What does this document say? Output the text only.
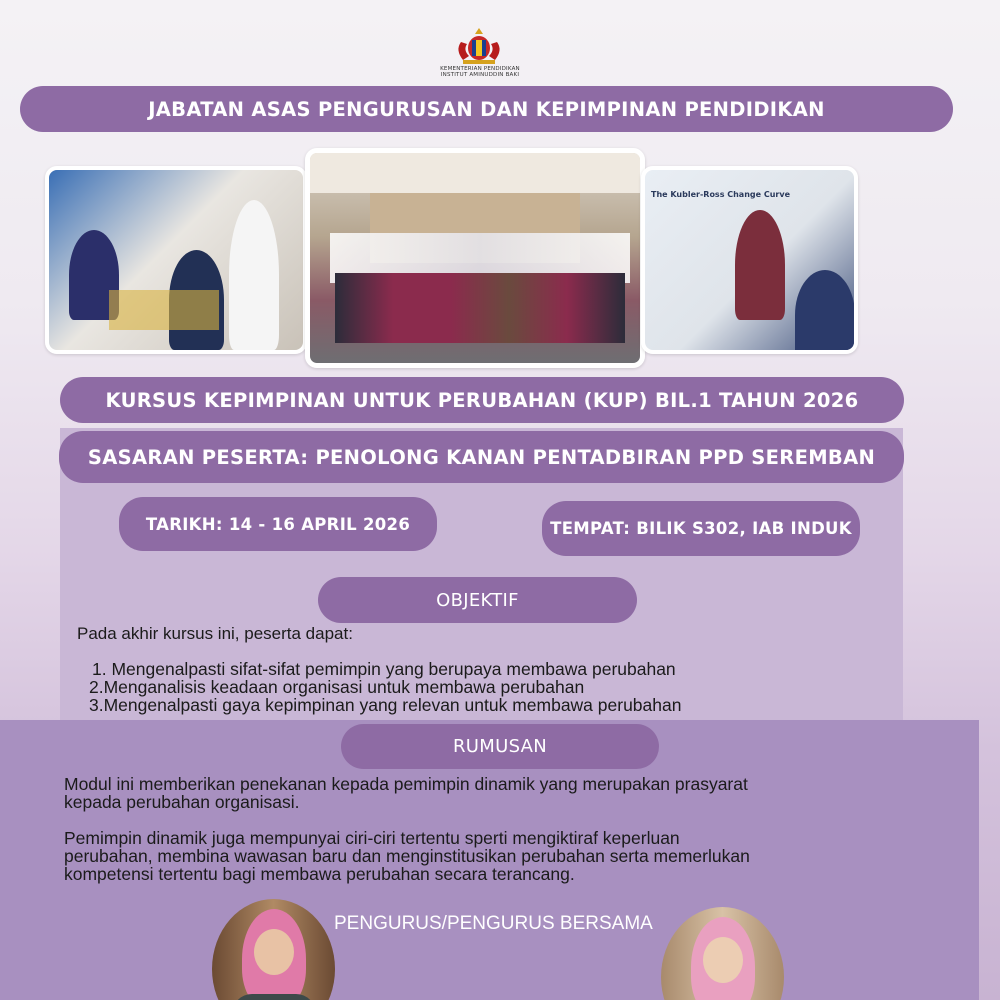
KEMENTERIAN PENDIDIKAN
INSTITUT AMINUDDIN BAKI
JABATAN ASAS PENGURUSAN DAN KEPIMPINAN PENDIDIKAN
The Kubler-Ross Change Curve
KURSUS KEPIMPINAN UNTUK PERUBAHAN (KUP) BIL.1 TAHUN 2026
SASARAN PESERTA: PENOLONG KANAN PENTADBIRAN PPD SEREMBAN
TARIKH: 14 - 16 APRIL 2026	TEMPAT: BILIK S302, IAB INDUK
OBJEKTIF
Pada akhir kursus ini, peserta dapat:
1. Mengenalpasti sifat-sifat pemimpin yang berupaya membawa perubahan
2.Menganalisis keadaan organisasi untuk membawa perubahan
3.Mengenalpasti gaya kepimpinan yang relevan untuk membawa perubahan
RUMUSAN
Modul ini memberikan penekanan kepada pemimpin dinamik yang merupakan prasyarat
kepada perubahan organisasi.
Pemimpin dinamik juga mempunyai ciri-ciri tertentu sperti mengiktiraf keperluan
perubahan, membina wawasan baru dan menginstitusikan perubahan serta memerlukan
kompetensi tertentu bagi membawa perubahan secara terancang.
PENGURUS/PENGURUS BERSAMA
